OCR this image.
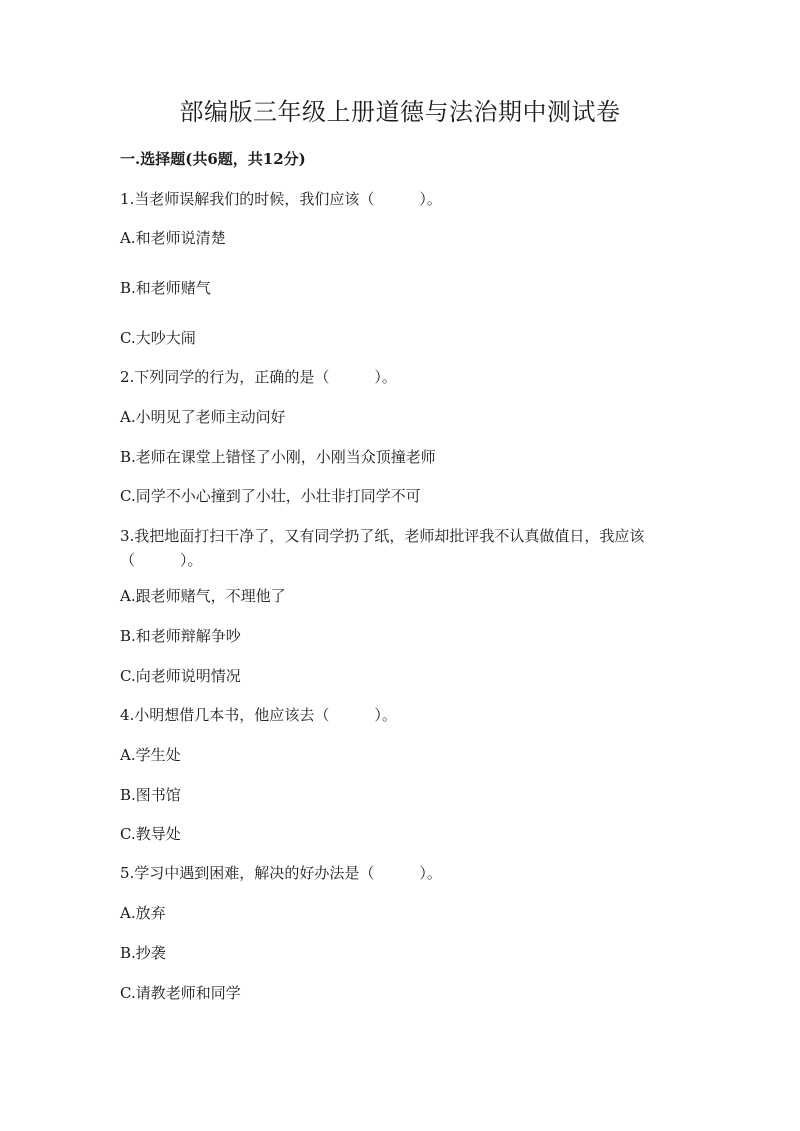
部编版三年级上册道德与法治期中测试卷
一.选择题(共6题，共12分)
1.当老师误解我们的时候，我们应该（　　　）。
A.和老师说清楚
B.和老师赌气
C.大吵大闹
2.下列同学的行为，正确的是（　　　）。
A.小明见了老师主动问好
B.老师在课堂上错怪了小刚，小刚当众顶撞老师
C.同学不小心撞到了小壮，小壮非打同学不可
3.我把地面打扫干净了，又有同学扔了纸，老师却批评我不认真做值日，我应该（　　　）。
A.跟老师赌气，不理他了
B.和老师辩解争吵
C.向老师说明情况
4.小明想借几本书，他应该去（　　　）。
A.学生处
B.图书馆
C.教导处
5.学习中遇到困难，解决的好办法是（　　　）。
A.放弃
B.抄袭
C.请教老师和同学
